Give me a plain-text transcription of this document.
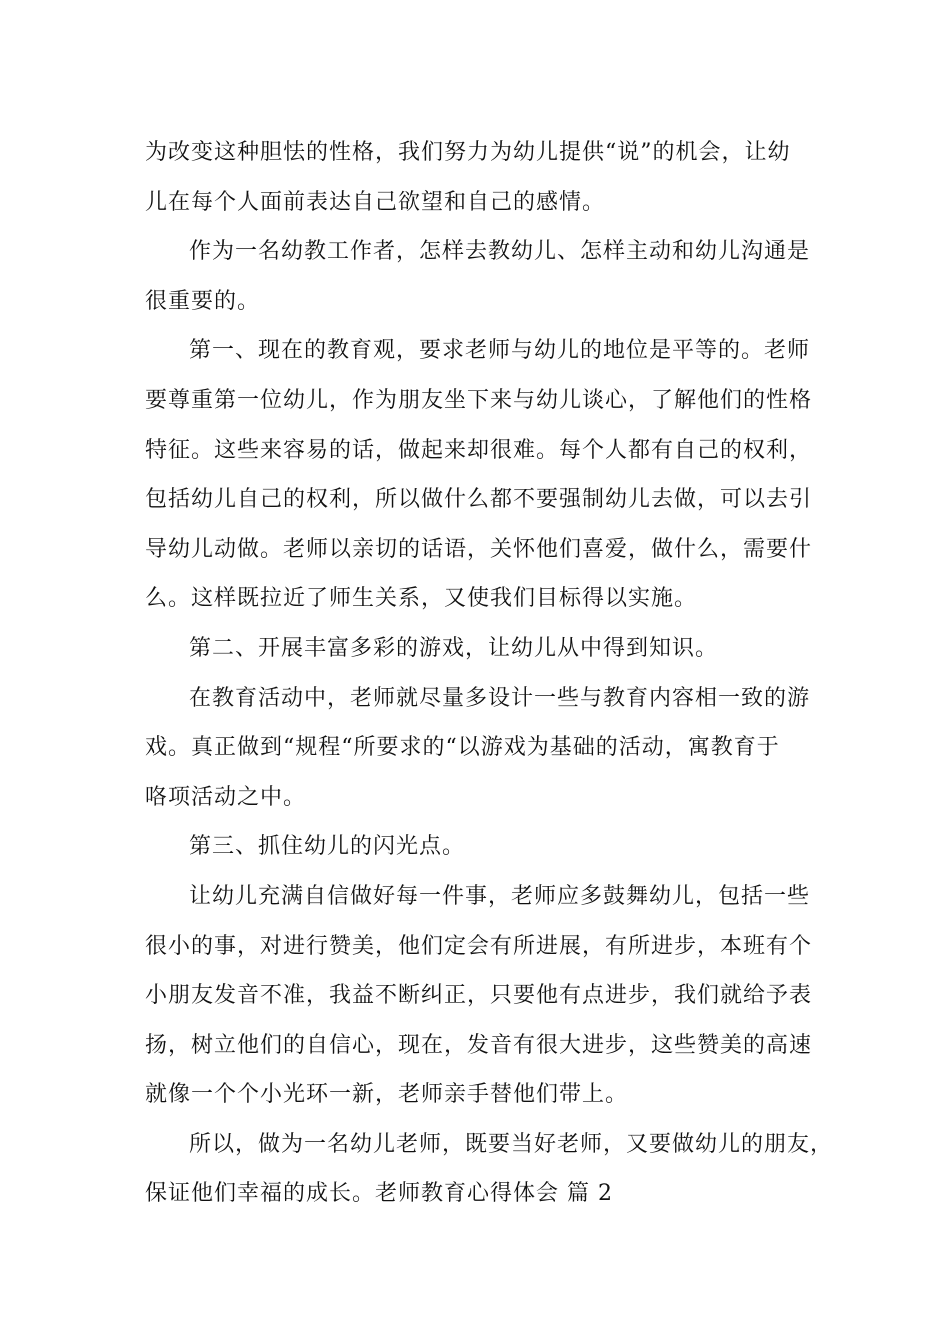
为改变这种胆怯的性格，我们努力为幼儿提供“说”的机会，让幼
儿在每个人面前表达自己欲望和自己的感情。
作为一名幼教工作者，怎样去教幼儿、怎样主动和幼儿沟通是
很重要的。
第一、现在的教育观，要求老师与幼儿的地位是平等的。老师
要尊重第一位幼儿，作为朋友坐下来与幼儿谈心，了解他们的性格
特征。这些来容易的话，做起来却很难。每个人都有自己的权利，
包括幼儿自己的权利，所以做什么都不要强制幼儿去做，可以去引
导幼儿动做。老师以亲切的话语，关怀他们喜爱，做什么，需要什
么。这样既拉近了师生关系，又使我们目标得以实施。
第二、开展丰富多彩的游戏，让幼儿从中得到知识。
在教育活动中，老师就尽量多设计一些与教育内容相一致的游
戏。真正做到“规程“所要求的“以游戏为基础的活动，寓教育于
咯项活动之中。
第三、抓住幼儿的闪光点。
让幼儿充满自信做好每一件事，老师应多鼓舞幼儿，包括一些
很小的事，对进行赞美，他们定会有所进展，有所进步，本班有个
小朋友发音不准，我益不断纠正，只要他有点进步，我们就给予表
扬，树立他们的自信心，现在，发音有很大进步，这些赞美的高速
就像一个个小光环一新，老师亲手替他们带上。
所以，做为一名幼儿老师，既要当好老师，又要做幼儿的朋友，
保证他们幸福的成长。老师教育心得体会 篇 2
